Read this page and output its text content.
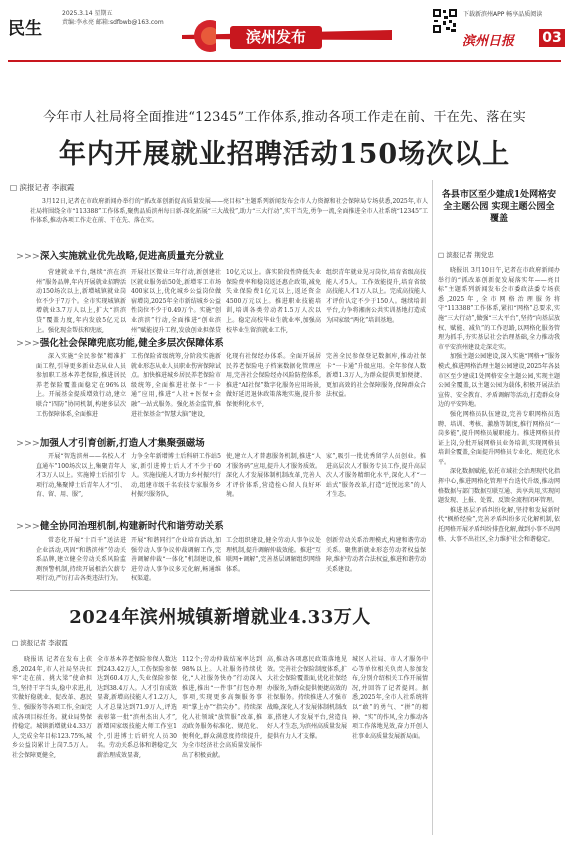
民生
2025.3.14 星期五
责编:李永亮 邮箱:sdfbwb@163.com
滨州发布
下载新滨州APP 畅享品质阅读
滨州日报 03
今年市人社局将全面推进“12345”工作体系,推动各项工作走在前、干在先、落在实
年内开展就业招聘活动150场次以上
□ 滨报记者 李淑霞
3月12日,记者在市政府新闻办举行的“抓改革创新促高质量发展——亮目标”主题系列新闻发布会市人力资源和社会保障局专场获悉,2025年,市人社局将围绕全市“113388”工作体系,聚焦品质滨州每日新-深化拓展“三大战役”,助力“三大行动”,实干当先,勇争一流,全面推进全市人社系统“12345”工作体系,推动各项工作走在前、干在先、落在实。
>>>深入实施就业优先战略,促进高质量充分就业
营建就业平台,继续“滨在滨州”服务品牌,年内开展就业招聘活动150场次以上,新增城镇就业岗位不少于7万个。全市实现城镇新增就业3.7万人以上,扩大“滨滨贷”覆盖力度,年内发放5亿元以上。强化现金帮扶和兜底,
开展社区微业三年行动,新创建社区就业服务站50处,新增零工市场400家以上,优化城乡公益岗位做宿增岗,2025年全市新结城乡公益性岗位不少于0.49万个。实施“创业滨滨”行动,全面推进“创业滨州”赋能提升工程,发放创业担保贷
10亿元以上。落实阶段性降低失业保险费率和稳岗返还惠企政策,减免失业保险费1亿元以上,返还资金4500万元以上。推进职业技能培训,培训各类劳动者1.5万人次以上。稳定高校毕业生就业率,加强高校毕业生留滨就业工作,
组织青年就业见习岗位,培育省级高技能人才5人。工作效能提升,培育省级高技能人才1万人以上。完成高技能人才评价认定不少于150人。继续培训平台,力争将湘南公共实训基地打造成为国家级“两化”培训基地。
>>>强化社会保障兜底功能,健全多层次保障体系
深入实施“全民参保”精准扩面工程,引导更多新业态从业人员参加职工基本养老保险,推进居民养老保险覆盖面稳定在96%以上。开展基金提质增效行动,建立联合“四防”协同机制,构建多层次工伤保障体系,全面推进
工伤保险省级统筹,分阶段实施新就业形态从业人员职业伤害保障试点。加快推进城乡居民养老保险市级统筹,全面推进社保卡“一卡通”应用,推进“人社+医保+金融”一站式服务。强化基金监管,推进社保基金“智慧大脑”建设,
化现有社保经办体系。全面开展居民养老保险电子档案数据化管理应用,完善社会保险经办风险防控体系,推进“AI社保”数字化服务应用场景,做好延迟退休政策落地实施,提升参保便利化水平,
完善全民参保登记数据库,推动社保卡“一卡通”升级应用。全年参保人数新增1.3万人,为群众提供更加便捷、更加高效的社会保障服务,保障群众合法权益。
>>>加强人才引育创新,打造人才集聚强磁场
开展“智选滨州——名校人才直通车”100场次以上,集聚青年人才3万人以上。实施博士后招引专项行动,集聚博士后青年人才“引、育、留、用、服”,
力争全年新增博士后科研工作站5家,新引进博士后人才不少于60人。实施技能人才助力乡村振兴行动,组建市级千名农技专家服务乡村振兴服务队,
使,建立人才普惠服务机制,推进“人才服务码”应用,提升人才服务质效。深化人才发展体制机制改革,完善人才评价体系,营造拴心留人良好环境。
家”,吸引一批优秀留学人员创业。推进高层次人才服务专员工作,提升高层次人才服务精细化水平,深化人才“一站式”服务改革,打造“近悦远来”的人才生态。
>>>健全协同治理机制,构建新时代和谐劳动关系
常态化开展“十百千”送法进企业活动,巩固“和谐滨州”劳动关系品牌,建立健全劳动关系风险监测预警机制,持续开展根治欠薪专项行动,严厉打击各类违法行为。
开展“和谐同行”企业培育活动,加强劳动人事争议仲裁调解工作,完善调解仲裁“一体化”机制建设,推进劳动人事争议多元化解,畅通维权渠道。
工会组织建设,健全劳动人事争议处理机制,提升调解仲裁效能。推进“互联网+调解”,完善基层调解组织网络体系。
创新劳动关系治理模式,构建和谐劳动关系。聚焦新就业形态劳动者权益保障,维护劳动者合法权益,推进和谐劳动关系建设。
2024年滨州城镇新增就业4.33万人
□ 滨报记者 李淑霞
晓报讯 记者在发布上获悉,2024年,市人社局坚决扛牢“走在前、挑大梁”使命担当,坚持干字当头,稳中求进,扎实做好稳就业、促改革、惠民生、强服务等各项工作,全面完成各项目标任务。就业局势保持稳定。城镇新增就业4.33万人,完成全年目标123.75%,城乡公益岗累计上岗7.5万人。社会保障更健全,
全市基本养老保险参保人数达到243.42万人,工伤保险参保达到60.4万人,失业保险参保达到38.4万人。人才引育成效显著,新增高技能人才1.2万人,人才总量达到71.9万人,评选表彰第一批“滨州杰出人才”,新增国家级技能大师工作室1个,引进博士后研究人员30名。劳动关系总体和谐稳定,欠薪治理成效显著,
112个;劳动仲裁结案率达到98%以上。人社服务持续优化,“人社服务快办”行动深入推进,推出“一件事”打包办理事项,实现更多高频服务事项“掌上办”“指尖办”。持续深化人社领域“放管服”改革,推动政务服务标准化、规范化、便利化,群众满意度持续提升,为全市经济社会高质量发展作出了积极贡献。
高,推动各项惠民政策落地见效。完善社会保险制度体系,扩大社会保险覆盖面,优化社保经办服务,为群众提供便捷高效的社保服务。持续推进人才强市战略,深化人才发展体制机制改革,搭建人才发展平台,营造良好人才生态,为滨州高质量发展提供有力人才支撑。
城区人社局、市人才服务中心等单位相关负责人参加发布,分别介绍相关工作开展情况,并回答了记者提问。据悉,2025年,全市人社系统将以“敢”的勇气、“拼”的精神、“实”的作风,全力推动各项工作落地见效,奋力开创人社事业高质量发展新局面。
各县市区至少建成1处网格安全主题公园 实现主题公园全覆盖
□ 滨报记者 荆党忠

晓报讯 3月10日午,记者在市政府新闻办举行的“抓改革创新促发展落实年——亮目标”主题系列新闻发布会市委政法委专场获悉,2025年,全市网格治理服务将守“113388”工作体系,紧扣“网格”总要求,实施“三大行动”,做强“三大平台”,坚持“向基层放权、赋能、减负”的工作思路,以网格化服务管理为抓手,夯实基层社会治理基础,全力推动我市平安滨州建设走深走实。

加强主题公园建设,深入实施“网格+”服务模式,推进网格治理主题公园建设,2025年各县市区至少建成1处网格安全主题公园,实现主题公园全覆盖,以主题公园为载体,积极开展法治宣传、安全教育、矛盾调解等活动,打造群众身边的平安阵地。

强化网格员队伍建设,完善专职网格员选聘、培训、考核、激励等制度,推行网格员“一岗多能”,提升网格员履职能力。推进网格员持证上岗,分批开展网格员业务培训,实现网格员培训全覆盖,全面提升网格员专业化、规范化水平。

深化数据赋能,依托市域社会治理现代化指挥中心,推进网格化管理平台迭代升级,推动网格数据与部门数据互联互通、共享共用,实现问题发现、上报、处置、反馈全流程闭环管理。

推进基层矛盾纠纷化解,坚持和发展新时代“枫桥经验”,完善矛盾纠纷多元化解机制,依托网格开展矛盾纠纷排查化解,做到小事不出网格、大事不出社区,全力维护社会和谐稳定。
